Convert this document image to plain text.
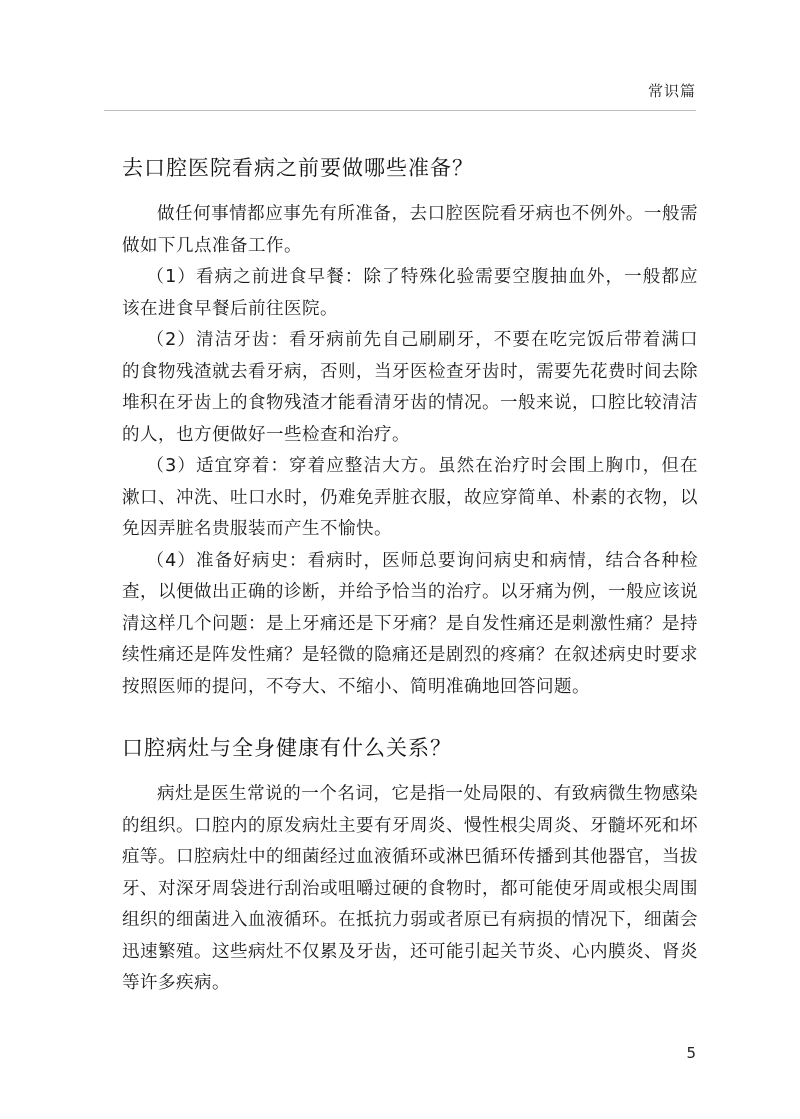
常识篇
去口腔医院看病之前要做哪些准备？

做任何事情都应事先有所准备，去口腔医院看牙病也不例外。一般需做如下几点准备工作。

（1）看病之前进食早餐：除了特殊化验需要空腹抽血外，一般都应该在进食早餐后前往医院。

（2）清洁牙齿：看牙病前先自己刷刷牙，不要在吃完饭后带着满口的食物残渣就去看牙病，否则，当牙医检查牙齿时，需要先花费时间去除堆积在牙齿上的食物残渣才能看清牙齿的情况。一般来说，口腔比较清洁的人，也方便做好一些检查和治疗。

（3）适宜穿着：穿着应整洁大方。虽然在治疗时会围上胸巾，但在漱口、冲洗、吐口水时，仍难免弄脏衣服，故应穿简单、朴素的衣物，以免因弄脏名贵服装而产生不愉快。

（4）准备好病史：看病时，医师总要询问病史和病情，结合各种检查，以便做出正确的诊断，并给予恰当的治疗。以牙痛为例，一般应该说清这样几个问题：是上牙痛还是下牙痛？是自发性痛还是刺激性痛？是持续性痛还是阵发性痛？是轻微的隐痛还是剧烈的疼痛？在叙述病史时要求按照医师的提问，不夸大、不缩小、简明准确地回答问题。

口腔病灶与全身健康有什么关系？

病灶是医生常说的一个名词，它是指一处局限的、有致病微生物感染的组织。口腔内的原发病灶主要有牙周炎、慢性根尖周炎、牙髓坏死和坏疽等。口腔病灶中的细菌经过血液循环或淋巴循环传播到其他器官，当拔牙、对深牙周袋进行刮治或咀嚼过硬的食物时，都可能使牙周或根尖周围组织的细菌进入血液循环。在抵抗力弱或者原已有病损的情况下，细菌会迅速繁殖。这些病灶不仅累及牙齿，还可能引起关节炎、心内膜炎、肾炎等许多疾病。

5
